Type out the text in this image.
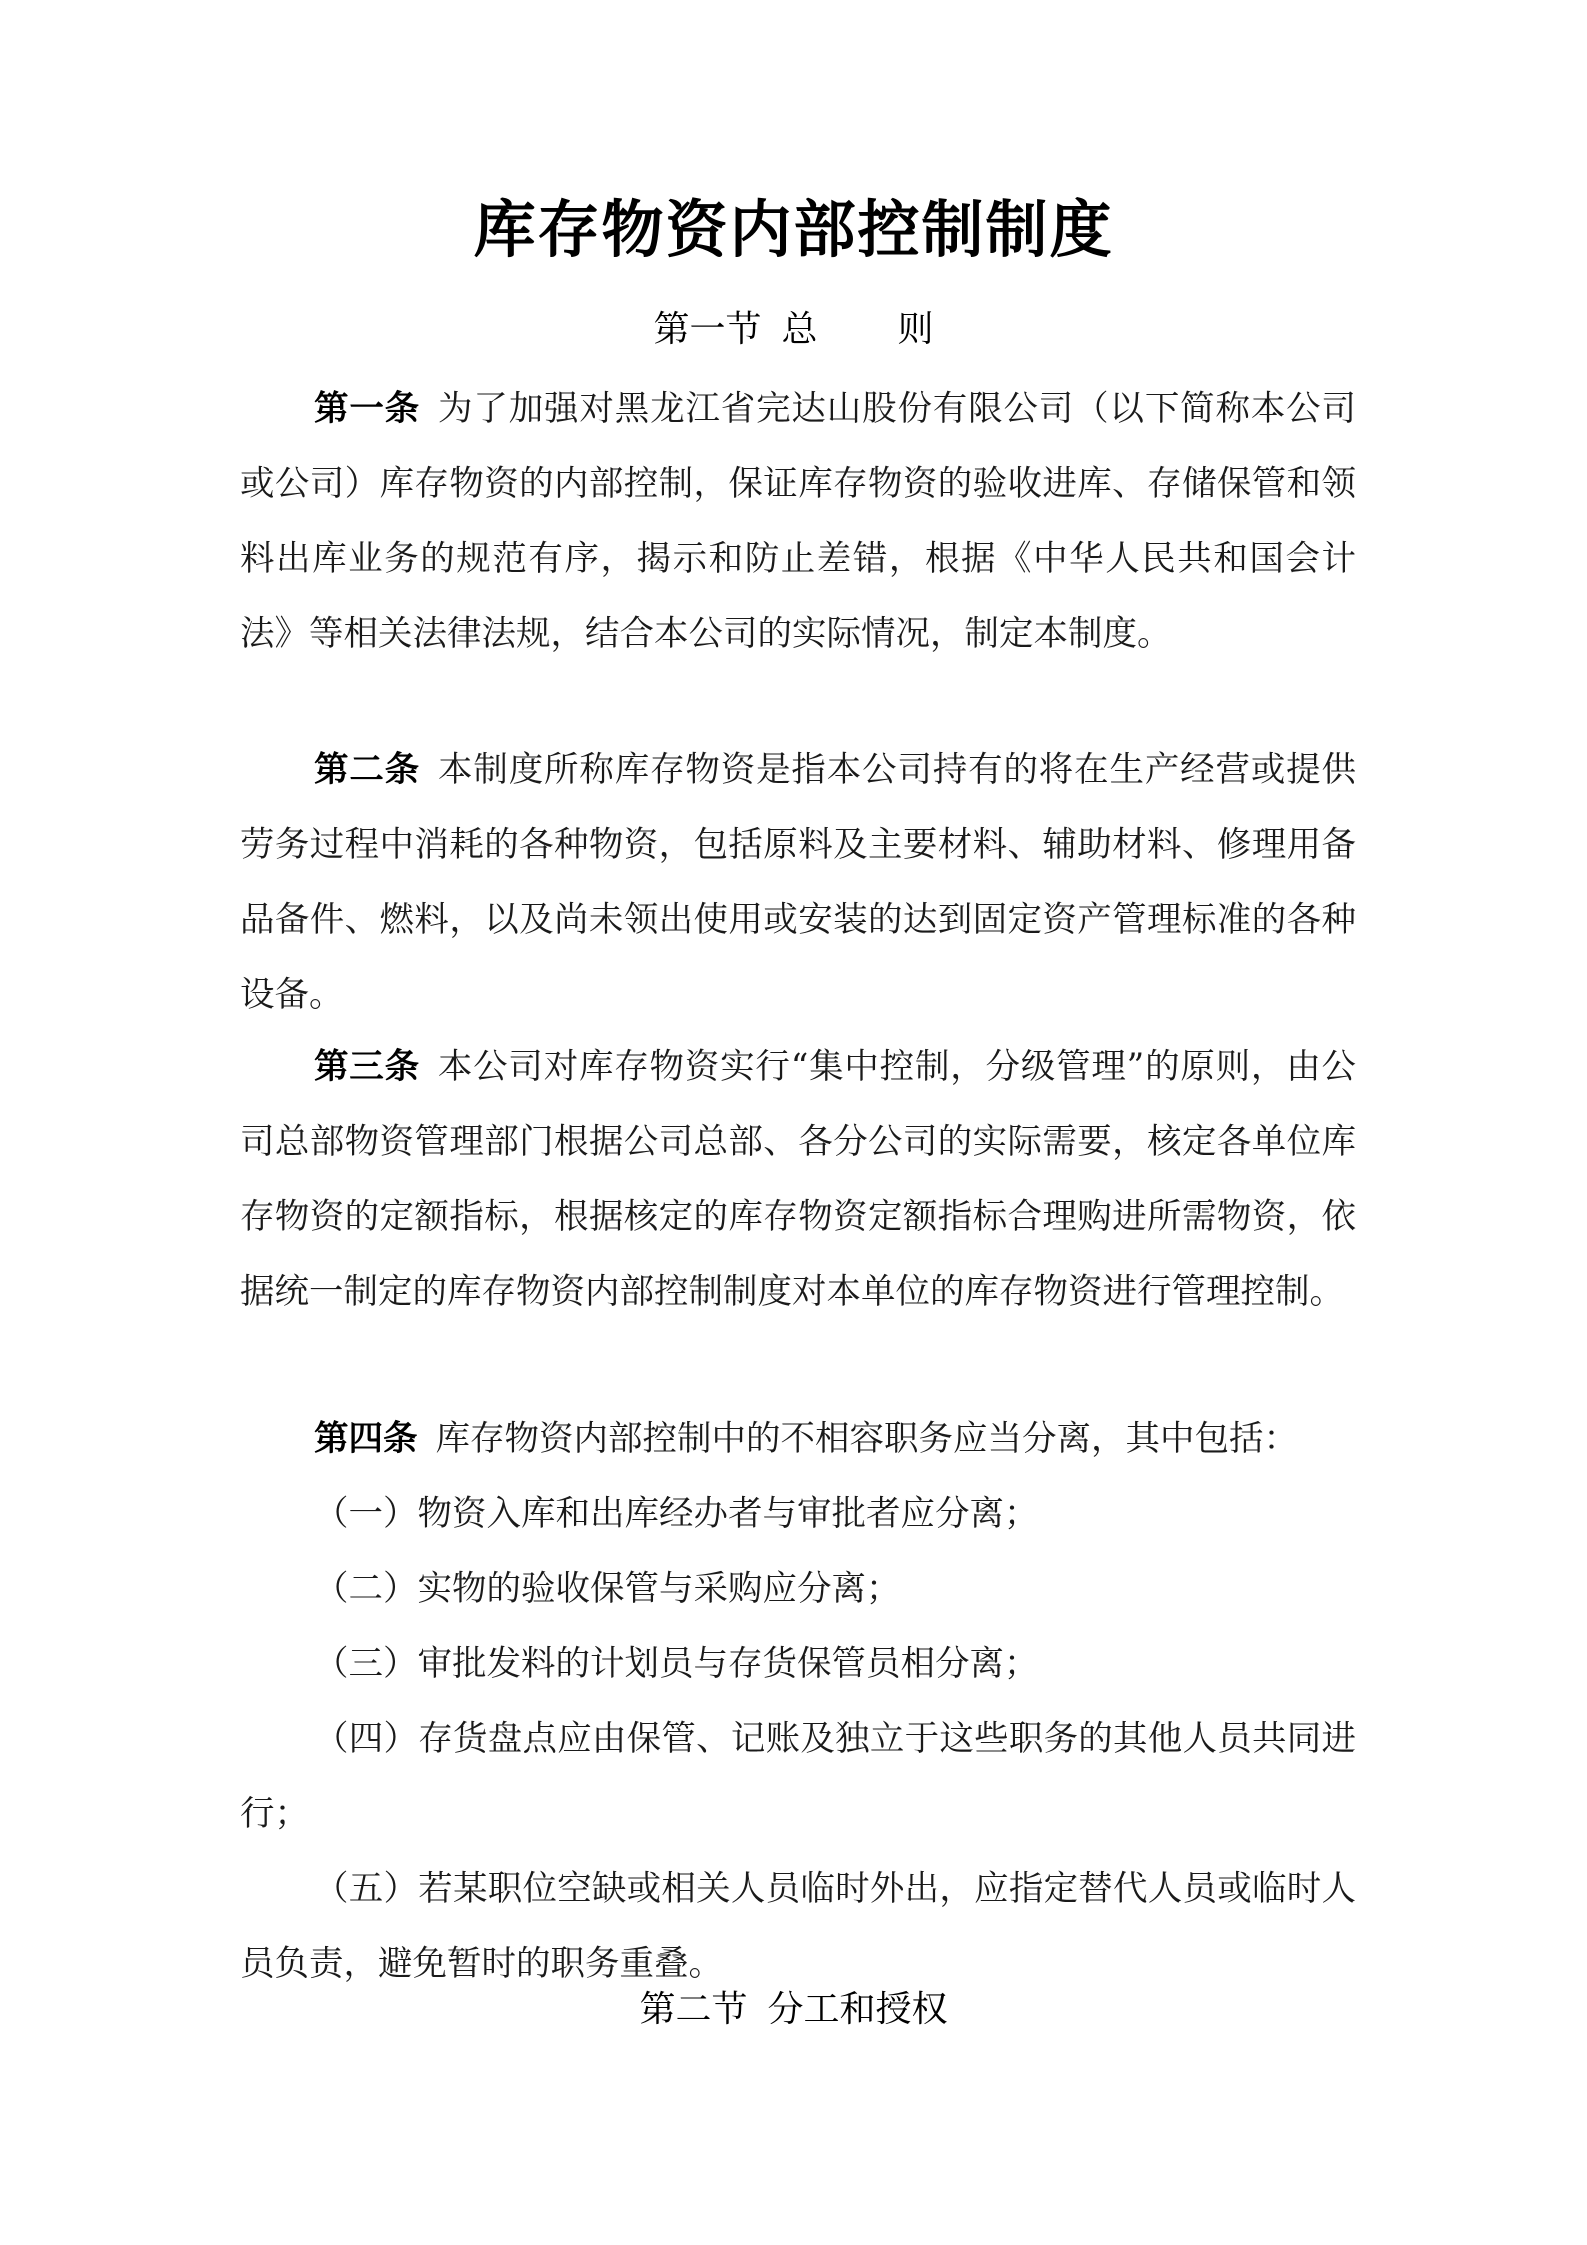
库存物资内部控制制度
第一节 总 则

第一条 为了加强对黑龙江省完达山股份有限公司（以下简称本公司或公司）库存物资的内部控制，保证库存物资的验收进库、存储保管和领料出库业务的规范有序，揭示和防止差错，根据《中华人民共和国会计法》等相关法律法规，结合本公司的实际情况，制定本制度。

第二条 本制度所称库存物资是指本公司持有的将在生产经营或提供劳务过程中消耗的各种物资，包括原料及主要材料、辅助材料、修理用备品备件、燃料，以及尚未领出使用或安装的达到固定资产管理标准的各种设备。

第三条 本公司对库存物资实行“集中控制，分级管理”的原则，由公司总部物资管理部门根据公司总部、各分公司的实际需要，核定各单位库存物资的定额指标，根据核定的库存物资定额指标合理购进所需物资，依据统一制定的库存物资内部控制制度对本单位的库存物资进行管理控制。

第四条 库存物资内部控制中的不相容职务应当分离，其中包括：

（一）物资入库和出库经办者与审批者应分离；

（二）实物的验收保管与采购应分离；

（三）审批发料的计划员与存货保管员相分离；

（四）存货盘点应由保管、记账及独立于这些职务的其他人员共同进行；

（五）若某职位空缺或相关人员临时外出，应指定替代人员或临时人员负责，避免暂时的职务重叠。

第二节 分工和授权
